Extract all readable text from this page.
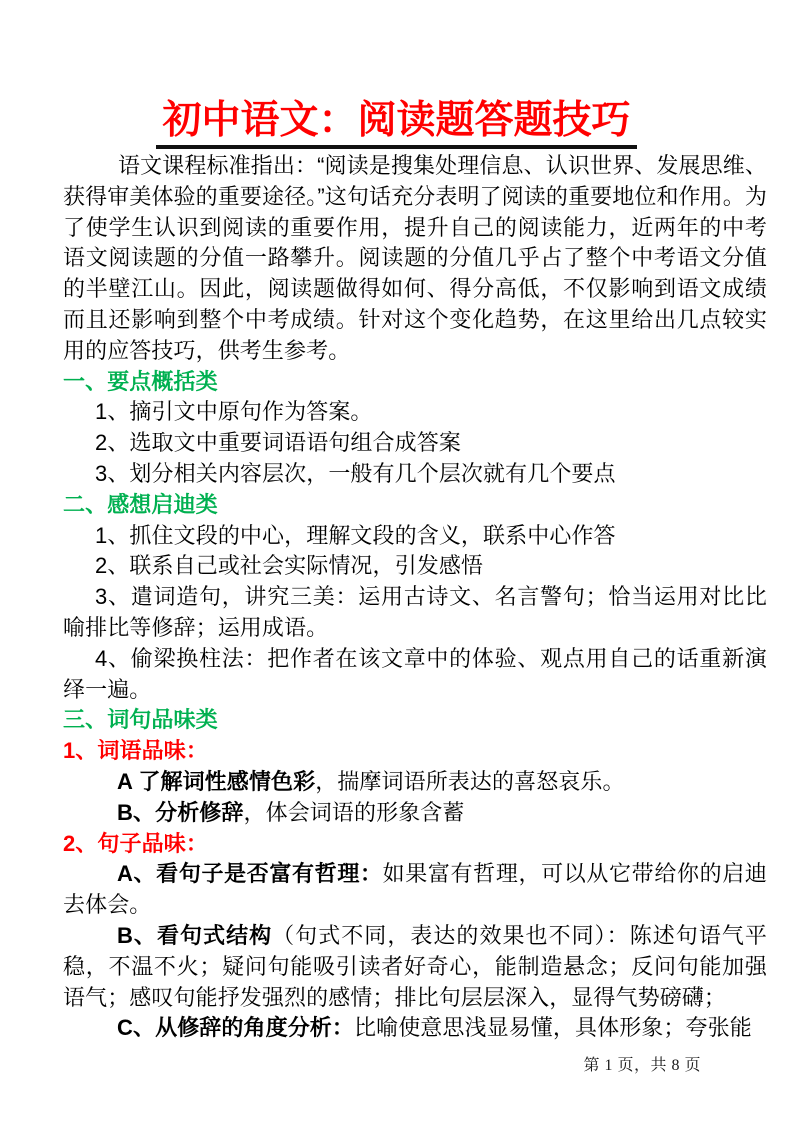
初中语文：阅读题答题技巧
语文课程标准指出：“阅读是搜集处理信息、认识世界、发展思维、获得审美体验的重要途径。”这句话充分表明了阅读的重要地位和作用。为了使学生认识到阅读的重要作用，提升自己的阅读能力，近两年的中考语文阅读题的分值一路攀升。阅读题的分值几乎占了整个中考语文分值的半壁江山。因此，阅读题做得如何、得分高低，不仅影响到语文成绩而且还影响到整个中考成绩。针对这个变化趋势，在这里给出几点较实用的应答技巧，供考生参考。
一、要点概括类
1、摘引文中原句作为答案。
2、选取文中重要词语语句组合成答案
3、划分相关内容层次，一般有几个层次就有几个要点
二、感想启迪类
1、抓住文段的中心，理解文段的含义，联系中心作答
2、联系自己或社会实际情况，引发感悟
3、遣词造句，讲究三美：运用古诗文、名言警句；恰当运用对比比喻排比等修辞；运用成语。
4、偷梁换柱法：把作者在该文章中的体验、观点用自己的话重新演绎一遍。
三、词句品味类
1、词语品味：
A 了解词性感情色彩，揣摩词语所表达的喜怒哀乐。
B、分析修辞，体会词语的形象含蓄
2、句子品味：
A、看句子是否富有哲理：如果富有哲理，可以从它带给你的启迪去体会。
B、看句式结构（句式不同，表达的效果也不同）：陈述句语气平稳，不温不火；疑问句能吸引读者好奇心，能制造悬念；反问句能加强语气；感叹句能抒发强烈的感情；排比句层层深入，显得气势磅礴；
C、从修辞的角度分析：比喻使意思浅显易懂，具体形象；夸张能
第 1 页，共 8 页
